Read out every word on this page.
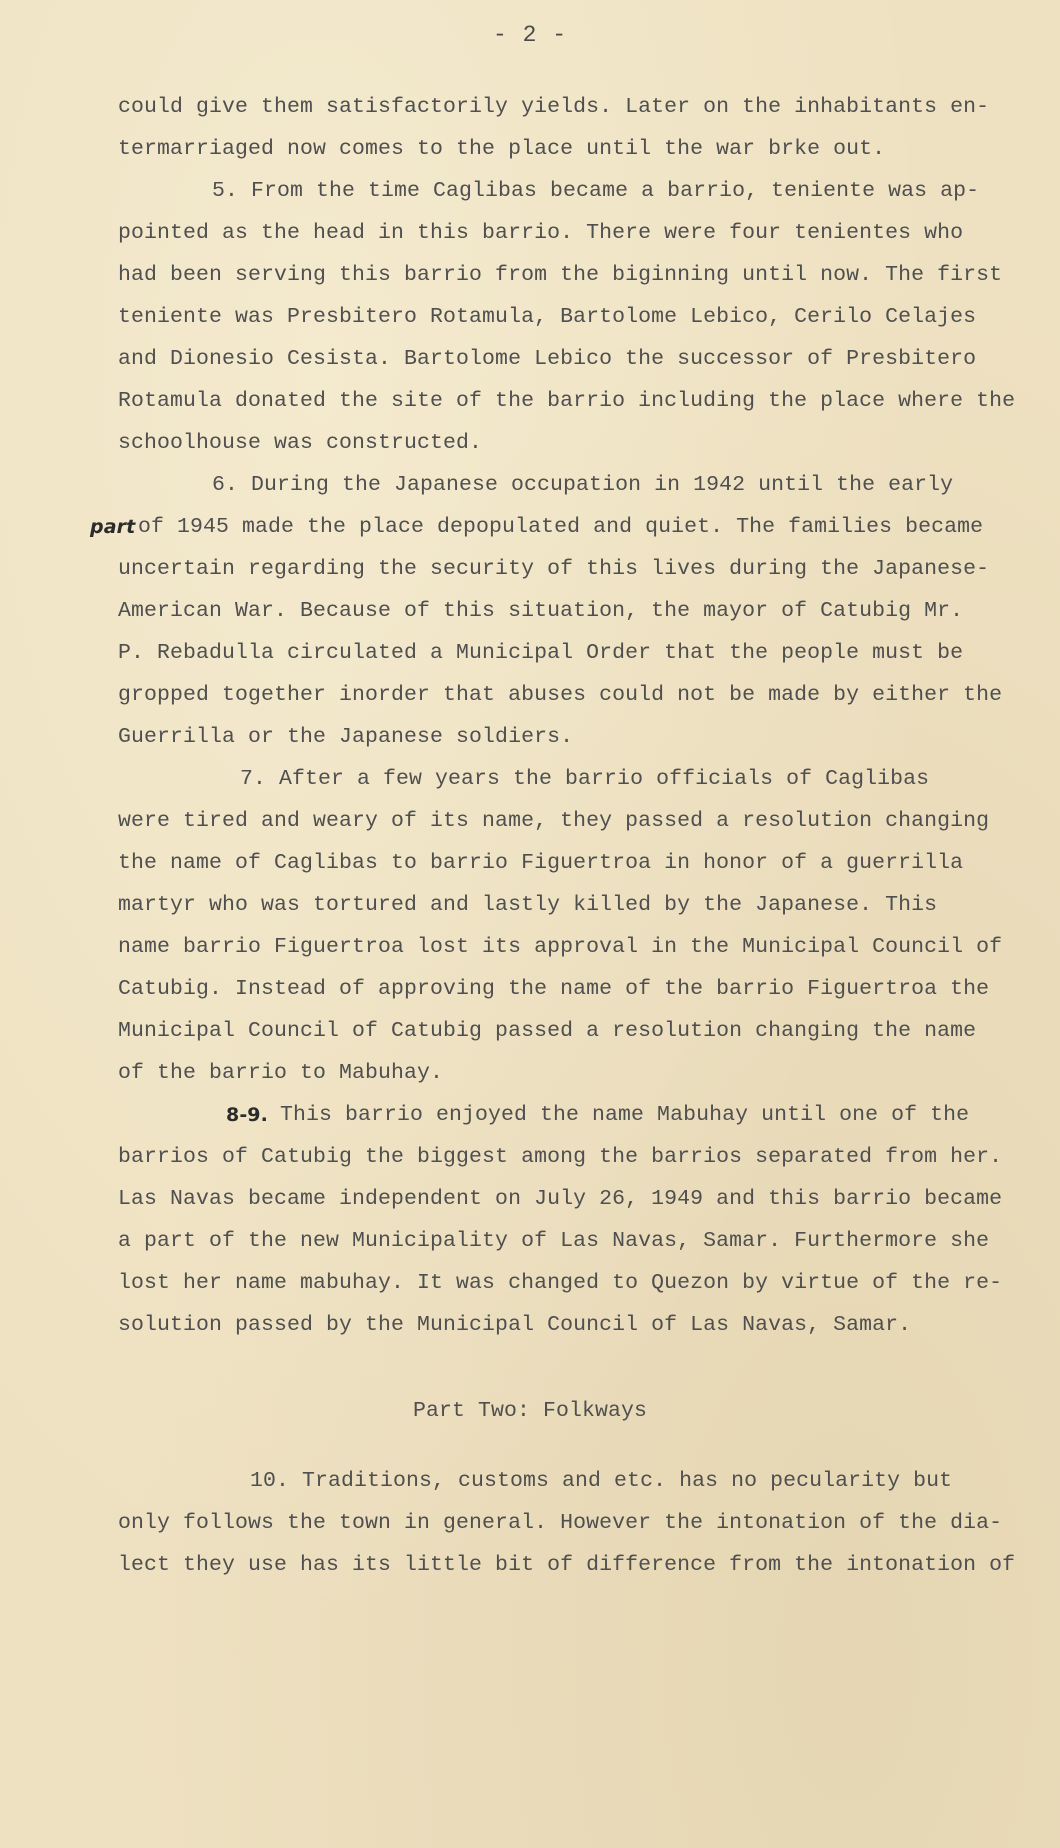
- 2 -
could give them satisfactorily yields. Later on the inhabitants en-
termarriaged now comes to the place until the war brke out.
5. From the time Caglibas became a barrio, teniente was ap-
pointed as the head in this barrio. There were four tenientes who
had been serving this barrio from the biginning until now. The first
teniente was Presbitero Rotamula, Bartolome Lebico, Cerilo Celajes
and Dionesio Cesista. Bartolome Lebico the successor of Presbitero
Rotamula donated the site of the barrio including the place where the
schoolhouse was constructed.
6. During the Japanese occupation in 1942 until the early
part of 1945 made the place depopulated and quiet. The families became
uncertain regarding the security of this lives during the Japanese-
American War. Because of this situation, the mayor of Catubig Mr.
P. Rebadulla circulated a Municipal Order that the people must be
gropped together inorder that abuses could not be made by either the
Guerrilla or the Japanese soldiers.
7. After a few years the barrio officials of Caglibas
were tired and weary of its name, they passed a resolution changing
the name of Caglibas to barrio Figuertroa in honor of a guerrilla
martyr who was tortured and lastly killed by the Japanese. This
name barrio Figuertroa lost its approval in the Municipal Council of
Catubig. Instead of approving the name of the barrio Figuertroa the
Municipal Council of Catubig passed a resolution changing the name
of the barrio to Mabuhay.
8-9. This barrio enjoyed the name Mabuhay until one of the
barrios of Catubig the biggest among the barrios separated from her.
Las Navas became independent on July 26, 1949 and this barrio became
a part of the new Municipality of Las Navas, Samar. Furthermore she
lost her name mabuhay. It was changed to Quezon by virtue of the re-
solution passed by the Municipal Council of Las Navas, Samar.
Part Two: Folkways
10. Traditions, customs and etc. has no pecularity but
only follows the town in general. However the intonation of the dia-
lect they use has its little bit of difference from the intonation of
